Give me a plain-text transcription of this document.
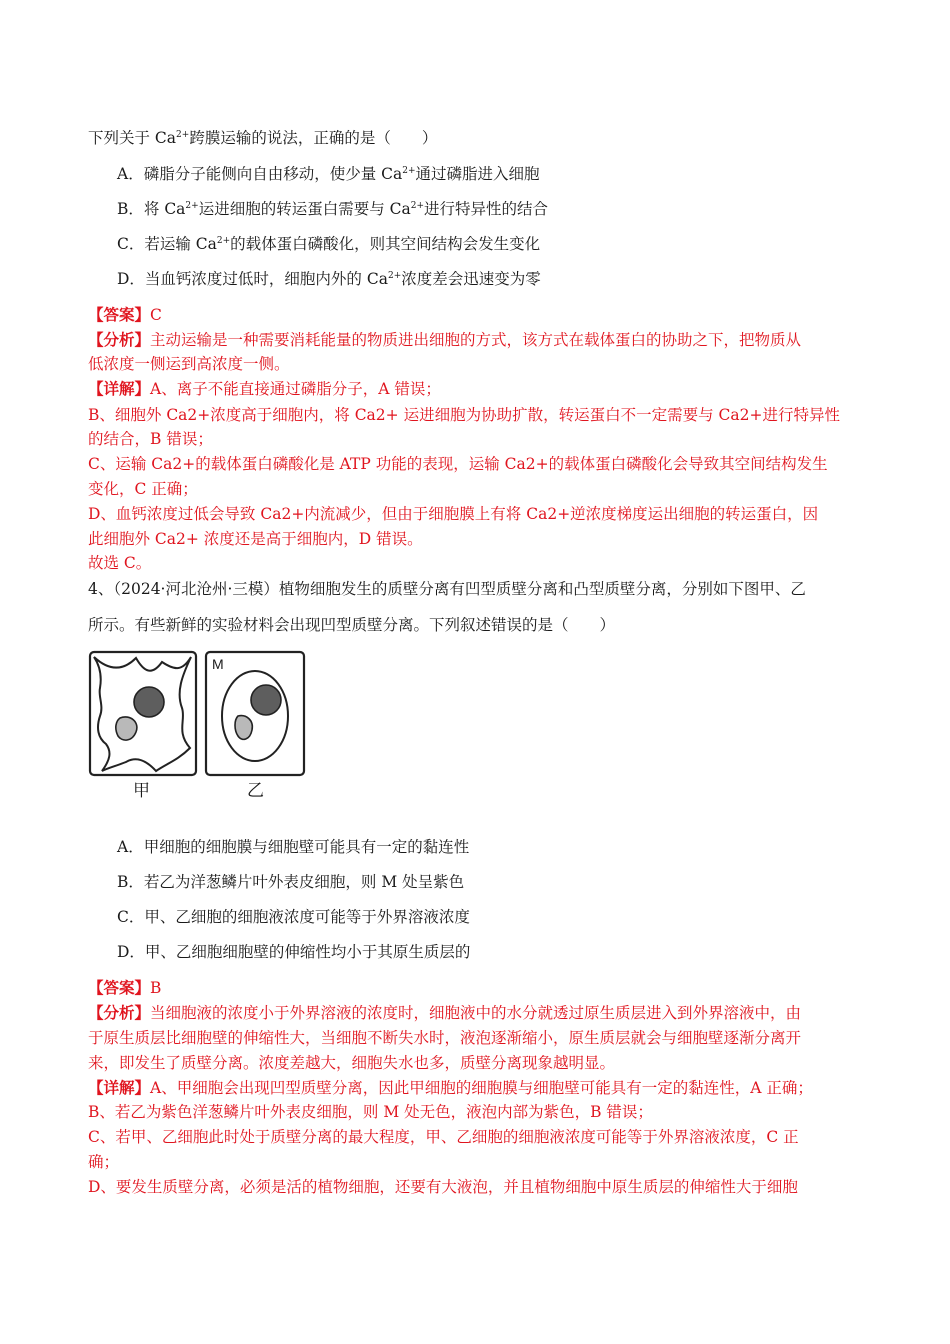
下列关于 $Ca^{2+}$跨膜运输的说法，正确的是（　　）
A．磷脂分子能侧向自由移动，使少量 $Ca^{2+}$通过磷脂进入细胞
B．将 $Ca^{2+}$运进细胞的转运蛋白需要与 $Ca^{2+}$进行特异性的结合
C．若运输 $Ca^{2+}$的载体蛋白磷酸化，则其空间结构会发生变化
D．当血钙浓度过低时，细胞内外的 $Ca^{2+}$浓度差会迅速变为零
【答案】C
【分析】主动运输是一种需要消耗能量的物质进出细胞的方式，该方式在载体蛋白的协助之下，把物质从
低浓度一侧运到高浓度一侧。
【详解】A、离子不能直接通过磷脂分子，A 错误；
B、细胞外 Ca2+浓度高于细胞内，将 Ca2+ 运进细胞为协助扩散，转运蛋白不一定需要与 Ca2+进行特异性
的结合，B 错误；
C、运输 Ca2+的载体蛋白磷酸化是 ATP 功能的表现，运输 Ca2+的载体蛋白磷酸化会导致其空间结构发生
变化，C 正确；
D、血钙浓度过低会导致 Ca2+内流减少，但由于细胞膜上有将 Ca2+逆浓度梯度运出细胞的转运蛋白，因
此细胞外 Ca2+ 浓度还是高于细胞内，D 错误。
故选 C。
4、（2024·河北沧州·三模）植物细胞发生的质壁分离有凹型质壁分离和凸型质壁分离，分别如下图甲、乙
所示。有些新鲜的实验材料会出现凹型质壁分离。下列叙述错误的是（　　）
M
甲	乙
A．甲细胞的细胞膜与细胞壁可能具有一定的黏连性
B．若乙为洋葱鳞片叶外表皮细胞，则 M 处呈紫色
C．甲、乙细胞的细胞液浓度可能等于外界溶液浓度
D．甲、乙细胞细胞壁的伸缩性均小于其原生质层的
【答案】B
【分析】当细胞液的浓度小于外界溶液的浓度时，细胞液中的水分就透过原生质层进入到外界溶液中，由
于原生质层比细胞壁的伸缩性大，当细胞不断失水时，液泡逐渐缩小，原生质层就会与细胞壁逐渐分离开
来，即发生了质壁分离。浓度差越大，细胞失水也多，质壁分离现象越明显。
【详解】A、甲细胞会出现凹型质壁分离，因此甲细胞的细胞膜与细胞壁可能具有一定的黏连性，A 正确；
B、若乙为紫色洋葱鳞片叶外表皮细胞，则 M 处无色，液泡内部为紫色，B 错误；
C、若甲、乙细胞此时处于质壁分离的最大程度，甲、乙细胞的细胞液浓度可能等于外界溶液浓度，C 正
确；
D、要发生质壁分离，必须是活的植物细胞，还要有大液泡，并且植物细胞中原生质层的伸缩性大于细胞
